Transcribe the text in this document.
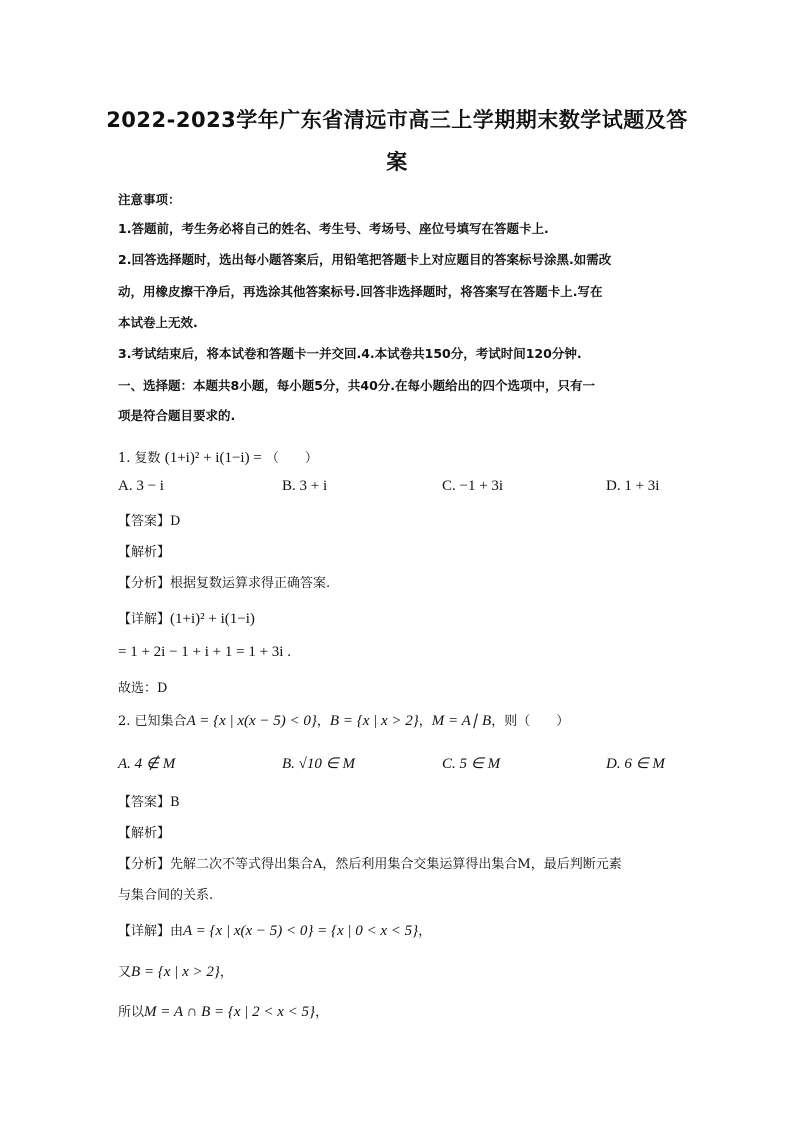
2022-2023学年广东省清远市高三上学期期末数学试题及答
案
注意事项：
1.答题前，考生务必将自己的姓名、考生号、考场号、座位号填写在答题卡上.
2.回答选择题时，选出每小题答案后，用铅笔把答题卡上对应题目的答案标号涂黑.如需改
动，用橡皮擦干净后，再选涂其他答案标号.回答非选择题时，将答案写在答题卡上.写在
本试卷上无效.
3.考试结束后，将本试卷和答题卡一并交回.4.本试卷共150分，考试时间120分钟.
一、选择题：本题共8小题，每小题5分，共40分.在每小题给出的四个选项中，只有一
项是符合题目要求的.
1. 复数 (1+i)² + i(1−i) = （　　）
A. 3 − i	B. 3 + i	C. −1 + 3i	D. 1 + 3i
【答案】D
【解析】
【分析】根据复数运算求得正确答案.
【详解】(1+i)² + i(1−i)
= 1 + 2i − 1 + i + 1 = 1 + 3i .
故选：D
2. 已知集合A = {x | x(x − 5) < 0}，B = {x | x > 2}，M = A∣ B，则（　　）
A. 4 ∉ M	B. √10 ∈ M	C. 5 ∈ M	D. 6 ∈ M
【答案】B
【解析】
【分析】先解二次不等式得出集合A，然后利用集合交集运算得出集合M，最后判断元素
与集合间的关系.
【详解】由A = {x | x(x − 5) < 0} = {x | 0 < x < 5}，
又B = {x | x > 2}，
所以M = A ∩ B = {x | 2 < x < 5}，
